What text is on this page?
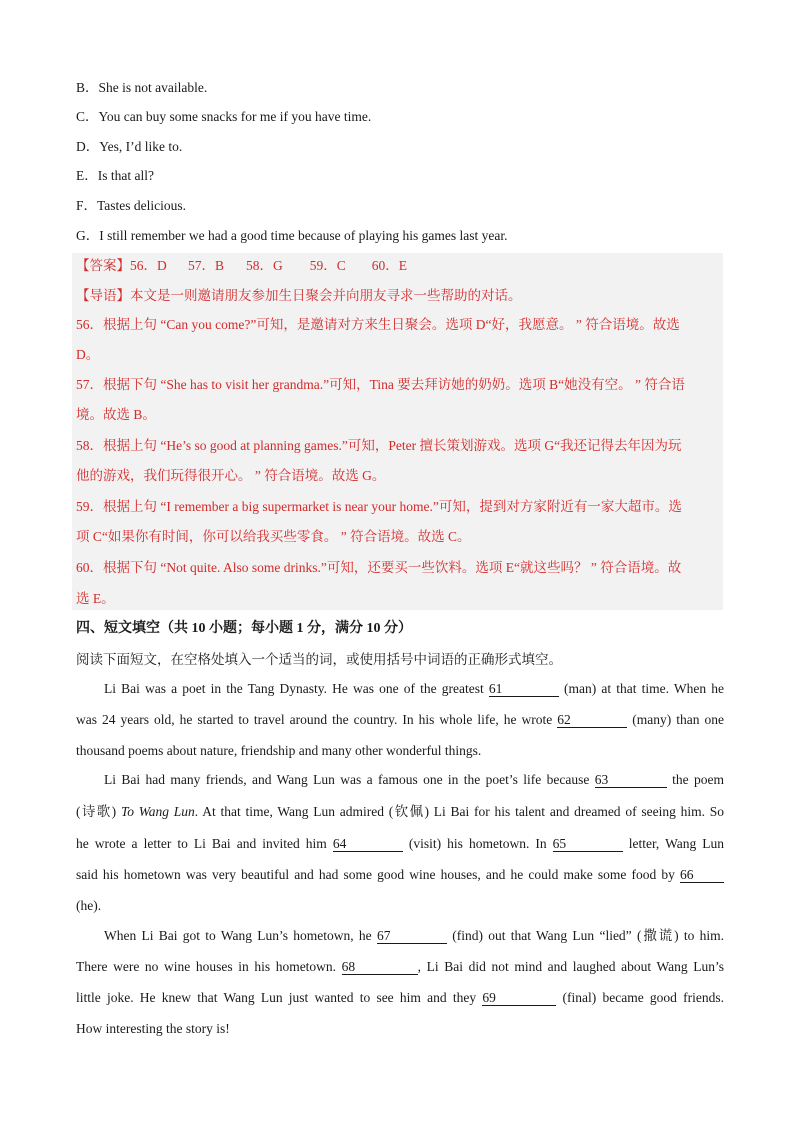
B．She is not available.
C．You can buy some snacks for me if you have time.
D．Yes, I’d like to.
E．Is that all?
F．Tastes delicious.
G．I still remember we had a good time because of playing his games last year.
【答案】56．D 57．B 58．G 59．C 60．E
【导语】本文是一则邀请朋友参加生日聚会并向朋友寻求一些帮助的对话。
56．根据上句 “Can you come?”可知，是邀请对方来生日聚会。选项 D“好，我愿意。 ” 符合语境。故选
D。
57．根据下句 “She has to visit her grandma.”可知，Tina 要去拜访她的奶奶。选项 B“她没有空。 ” 符合语
境。故选 B。
58．根据上句 “He’s so good at planning games.”可知，Peter 擅长策划游戏。选项 G“我还记得去年因为玩
他的游戏，我们玩得很开心。 ” 符合语境。故选 G。
59．根据上句 “I remember a big supermarket is near your home.”可知，提到对方家附近有一家大超市。选
项 C“如果你有时间，你可以给我买些零食。 ” 符合语境。故选 C。
60．根据下句 “Not quite. Also some drinks.”可知，还要买一些饮料。选项 E“就这些吗？ ” 符合语境。故
选 E。
四、短文填空（共 10 小题；每小题 1 分，满分 10 分）
阅读下面短文，在空格处填入一个适当的词，或使用括号中词语的正确形式填空。
Li Bai was a poet in the Tang Dynasty. He was one of the greatest 61	(man) at that time. When he
was 24 years old, he started to travel around the country. In his whole life, he wrote 62	(many) than one
thousand poems about nature, friendship and many other wonderful things.
Li Bai had many friends, and Wang Lun was a famous one in the poet’s life because 63	the poem
(诗歌) To Wang Lun. At that time, Wang Lun admired (钦佩) Li Bai for his talent and dreamed of seeing him. So
he wrote a letter to Li Bai and invited him 64	(visit) his hometown. In 65	letter, Wang Lun
said his hometown was very beautiful and had some good wine houses, and he could make some food by 66
(he).
When Li Bai got to Wang Lun’s hometown, he 67	(find) out that Wang Lun “lied” (撒谎) to him.
There were no wine houses in his hometown. 68	, Li Bai did not mind and laughed about Wang Lun’s
little joke. He knew that Wang Lun just wanted to see him and they 69	(final) became good friends.
How interesting the story is!
